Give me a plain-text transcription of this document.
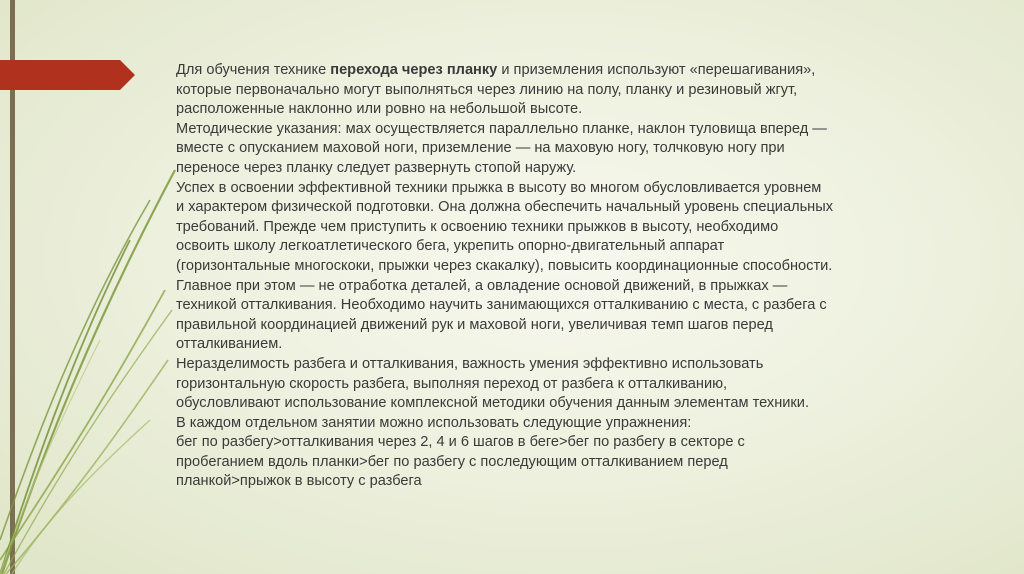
Для обучения технике перехода через планку и приземления используют «перешагивания»,
которые первоначально могут выполняться через линию на полу, планку и резиновый жгут,
расположенные наклонно или ровно на небольшой высоте.

Методические указания: мах осуществляется параллельно планке, наклон туловища вперед —
вместе с опусканием маховой ноги, приземление — на маховую ногу, толчковую ногу при
переносе через планку следует развернуть стопой наружу.

Успех в освоении эффективной техники прыжка в высоту во многом обусловливается уровнем
и характером физической подготовки. Она должна обеспечить начальный уровень специальных
требований. Прежде чем приступить к освоению техники прыжков в высоту, необходимо
освоить школу легкоатлетического бега, укрепить опорно-двигательный аппарат
(горизонтальные многоскоки, прыжки через скакалку), повысить координационные способности.
Главное при этом — не отработка деталей, а овладение основой движений, в прыжках —
техникой отталкивания. Необходимо научить занимающихся отталкиванию с места, с разбега с
правильной координацией движений рук и маховой ноги, увеличивая темп шагов перед
отталкиванием.

Неразделимость разбега и отталкивания, важность умения эффективно использовать
горизонтальную скорость разбега, выполняя переход от разбега к отталкиванию,
обусловливают использование комплексной методики обучения данным элементам техники.

В каждом отдельном занятии можно использовать следующие упражнения:
бег по разбегу>отталкивания через 2, 4 и 6 шагов в беге>бег по разбегу в секторе с
пробеганием вдоль планки>бег по разбегу с последующим отталкиванием перед
планкой>прыжок в высоту с разбега
